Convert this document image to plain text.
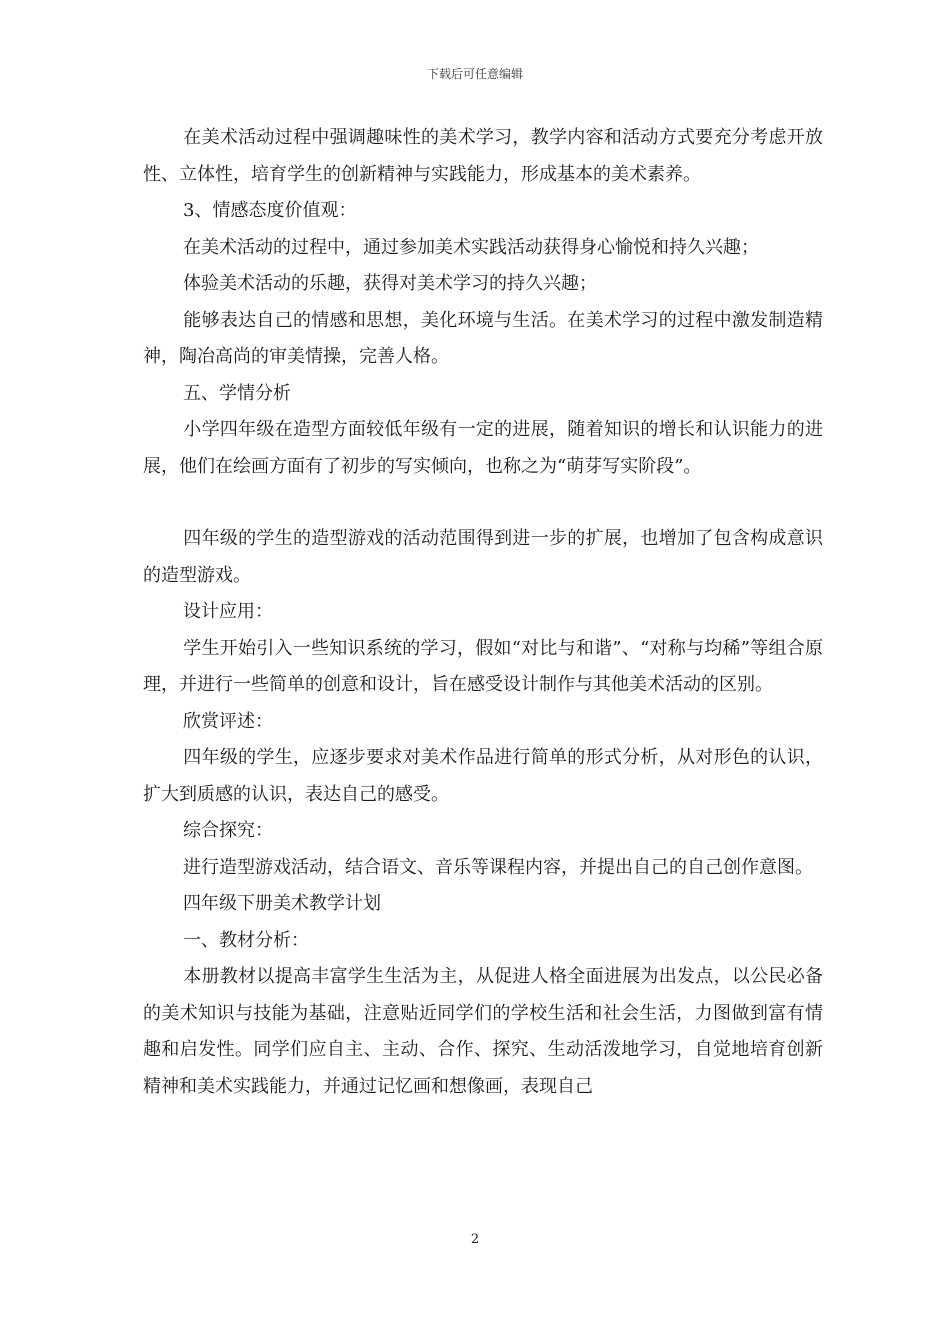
下载后可任意编辑

在美术活动过程中强调趣味性的美术学习，教学内容和活动方式要充分考虑开放性、立体性，培育学生的创新精神与实践能力，形成基本的美术素养。

3、情感态度价值观：

在美术活动的过程中，通过参加美术实践活动获得身心愉悦和持久兴趣；

体验美术活动的乐趣，获得对美术学习的持久兴趣；

能够表达自己的情感和思想，美化环境与生活。在美术学习的过程中激发制造精神，陶冶高尚的审美情操，完善人格。

五、学情分析

小学四年级在造型方面较低年级有一定的进展，随着知识的增长和认识能力的进展，他们在绘画方面有了初步的写实倾向，也称之为“萌芽写实阶段”。

四年级的学生的造型游戏的活动范围得到进一步的扩展，也增加了包含构成意识的造型游戏。

设计应用：

学生开始引入一些知识系统的学习，假如“对比与和谐”、“对称与均稀”等组合原理，并进行一些简单的创意和设计，旨在感受设计制作与其他美术活动的区别。

欣赏评述：

四年级的学生，应逐步要求对美术作品进行简单的形式分析，从对形色的认识，扩大到质感的认识，表达自己的感受。

综合探究：

进行造型游戏活动，结合语文、音乐等课程内容，并提出自己的自己创作意图。

四年级下册美术教学计划

一、教材分析：

本册教材以提高丰富学生生活为主，从促进人格全面进展为出发点，以公民必备的美术知识与技能为基础，注意贴近同学们的学校生活和社会生活，力图做到富有情趣和启发性。同学们应自主、主动、合作、探究、生动活泼地学习，自觉地培育创新精神和美术实践能力，并通过记忆画和想像画，表现自己

2
